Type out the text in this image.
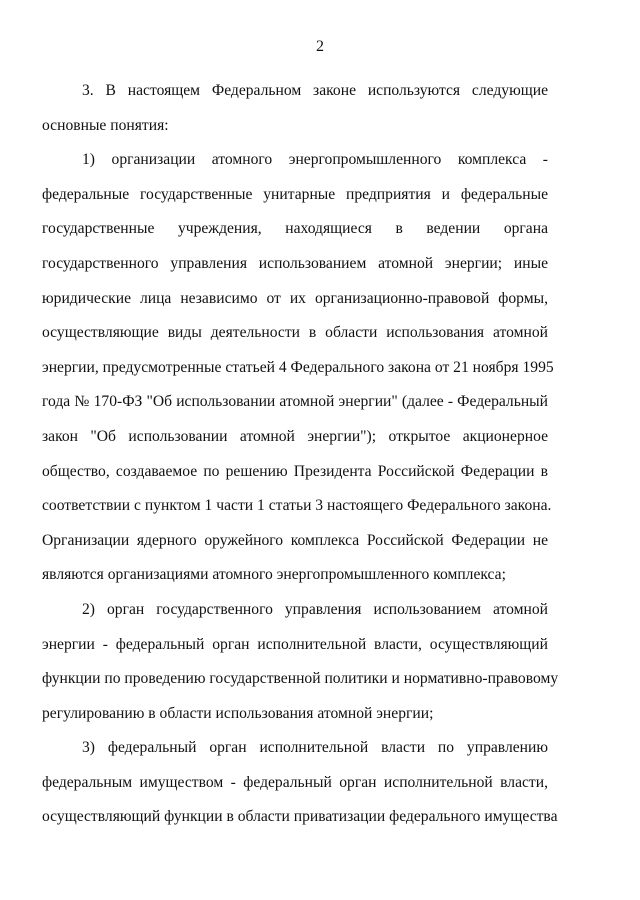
2

3. В настоящем Федеральном законе используются следующие
основные понятия:

1) организации атомного энергопромышленного комплекса -
федеральные государственные унитарные предприятия и федеральные
государственные учреждения, находящиеся в ведении органа
государственного управления использованием атомной энергии; иные
юридические лица независимо от их организационно-правовой формы,
осуществляющие виды деятельности в области использования атомной
энергии, предусмотренные статьей 4 Федерального закона от 21 ноября 1995
года № 170-ФЗ "Об использовании атомной энергии" (далее - Федеральный
закон "Об использовании атомной энергии"); открытое акционерное
общество, создаваемое по решению Президента Российской Федерации в
соответствии с пунктом 1 части 1 статьи 3 настоящего Федерального закона.
Организации ядерного оружейного комплекса Российской Федерации не
являются организациями атомного энергопромышленного комплекса;

2) орган государственного управления использованием атомной
энергии - федеральный орган исполнительной власти, осуществляющий
функции по проведению государственной политики и нормативно-правовому
регулированию в области использования атомной энергии;

3) федеральный орган исполнительной власти по управлению
федеральным имуществом - федеральный орган исполнительной власти,
осуществляющий функции в области приватизации федерального имущества
